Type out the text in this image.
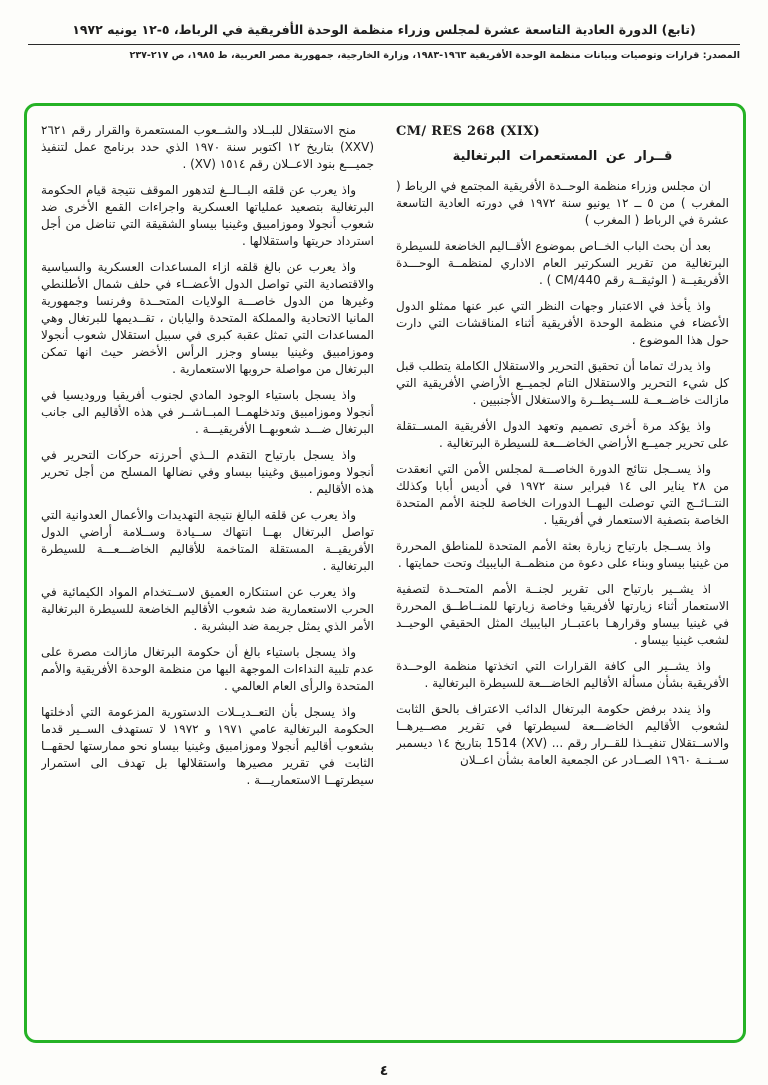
(تابع) الدورة العادية التاسعة عشرة لمجلس وزراء منظمة الوحدة الأفريقية في الرباط، ٥-١٢ يونيه ١٩٧٢
المصدر: قرارات وتوصيات وبيانات منظمة الوحدة الأفريقية ١٩٦٣-١٩٨٣، وزارة الخارجية، جمهورية مصر العربية، ط ١٩٨٥، ص ٢١٧-٢٣٧
CM/ RES 268 (XIX)
قــرار عن المستعمرات البرتغالية

ان مجلس وزراء منظمة الوحــدة الأفريقية المجتمع في الرباط ( المغرب ) من ٥ ــ ١٢ يونيو سنة ١٩٧٢ في دورته العادية التاسعة عشرة في الرباط ( المغرب )

بعد أن بحث الباب الخــاص بموضوع الأقــاليم الخاضعة للسيطرة البرتغالية من تقرير السكرتير العام الاداري لمنظمــة الوحـــدة الأفريقيــة ( الوثيقــة رقم CM/440 ) .

واذ يأخذ في الاعتبار وجهات النظر التي عبر عنها ممثلو الدول الأعضاء في منظمة الوحدة الأفريقية أثناء المناقشات التي دارت حول هذا الموضوع .

واذ يدرك تماما أن تحقيق التحرير والاستقلال الكاملة يتطلب قبل كل شيء التحرير والاستقلال التام لجميــع الأراضي الأفريقية التي مازالت خاضــعــة للســيطــرة والاستغلال الأجنبيين .

واذ يؤكد مرة أخرى تصميم وتعهد الدول الأفريقية المســتقلة على تحرير جميــع الأراضي الخاضـــعة للسيطرة البرتغالية .

واذ يســجل نتائج الدورة الخاصـــة لمجلس الأمن التي انعقدت من ٢٨ يناير الى ١٤ فبراير سنة ١٩٧٢ في أديس أبابا وكذلك النتــائــج التي توصلت اليهــا الدورات الخاصة للجنة الأمم المتحدة الخاصة بتصفية الاستعمار في أفريقيا .

واذ يســجل بارتياح زيارة بعثة الأمم المتحدة للمناطق المحررة من غينيا بيساو وبناء على دعوة من منظمــة البايبيك وتحت حمايتها .

اذ يشــير بارتياح الى تقرير لجنــة الأمم المتحــدة لتصفية الاستعمار أثناء زيارتها لأفريقيا وخاصة زيارتها للمنــاطــق المحررة في غينيا بيساو وقرارهـا باعتبــار البايبيك المثل الحقيقي الوحيــد لشعب غينيا بيساو .

واذ يشــير الى كافة القرارات التي اتخذتها منظمة الوحــدة الأفريقية بشأن مسألة الأقاليم الخاضـــعة للسيطرة البرتغالية .

واذ يندد برفض حكومة البرتغال الدائب الاعتراف بالحق الثابت لشعوب الأقاليم الخاضـــعة لسيطرتها في تقرير مصــيرهــا والاســتقلال تنفيــذا للقــرار رقم ... (XV) 1514 بتاريخ ١٤ ديسمبر ســنــة ١٩٦٠ الصــادر عن الجمعية العامة بشأن اعــلان

منح الاستقلال للبــلاد والشــعوب المستعمرة والقرار رقم ٢٦٢١ (XXV) بتاريخ ١٢ اكتوبر سنة ١٩٧٠ الذي حدد برنامج عمل لتنفيذ جميـــع بنود الاعــلان رقم ١٥١٤ (XV) .

واذ يعرب عن قلقه البــالــغ لتدهور الموقف نتيجة قيام الحكومة البرتغالية بتصعيد عملياتها العسكرية واجراءات القمع الأخرى ضد شعوب أنجولا وموزامبيق وغينيا بيساو الشقيقة التي تناضل من أجل استرداد حريتها واستقلالها .

واذ يعرب عن بالغ قلقه ازاء المساعدات العسكرية والسياسية والاقتصادية التي تواصل الدول الأعضــاء في حلف شمال الأطلنطي وغيرها من الدول خاصـــة الولايات المتحــدة وفرنسا وجمهورية المانيا الاتحادية والمملكة المتحدة واليابان ، تقــديمها للبرتغال وهي المساعدات التي تمثل عقبة كبرى في سبيل استقلال شعوب أنجولا وموزامبيق وغينيا بيساو وجزر الرأس الأخضر حيث انها تمكن البرتغال من مواصلة حروبها الاستعمارية .

واذ يسجل باستياء الوجود المادي لجنوب أفريقيا وروديسيا في أنجولا وموزامبيق وتدخلهمــا المبــاشــر في هذه الأقاليم الى جانب البرتغال ضـــد شعوبهــا الأفريقيـــة .

واذ يسجل بارتياح التقدم الــذي أحرزته حركات التحرير في أنجولا وموزامبيق وغينيا بيساو وفي نضالها المسلح من أجل تحرير هذه الأقاليم .

واذ يعرب عن قلقه البالغ نتيجة التهديدات والأعمال العدوانية التي تواصل البرتغال بهــا انتهاك ســيادة وســلامة أراضي الدول الأفريقيــة المستقلة المتاخمة للأقاليم الخاضـــعـــة للسيطرة البرتغالية .

واذ يعرب عن استنكاره العميق لاســتخدام المواد الكيمائية في الحرب الاستعمارية ضد شعوب الأقاليم الخاضعة للسيطرة البرتغالية الأمر الذي يمثل جريمة ضد البشرية .

واذ يسجل باستياء بالغ أن حكومة البرتغال مازالت مصرة على عدم تلبية النداءات الموجهة اليها من منظمة الوحدة الأفريقية والأمم المتحدة والرأى العام العالمي .

واذ يسجل بأن التعــديــلات الدستورية المزعومة التي أدخلتها الحكومة البرتغالية عامي ١٩٧١ و ١٩٧٢ لا تستهدف الســير قدما بشعوب أقاليم أنجولا وموزامبيق وغينيا بيساو نحو ممارستها لحقهــا الثابت في تقرير مصيرها واستقلالها بل تهدف الى استمرار سيطرتهــا الاستعماريـــة .

٤
